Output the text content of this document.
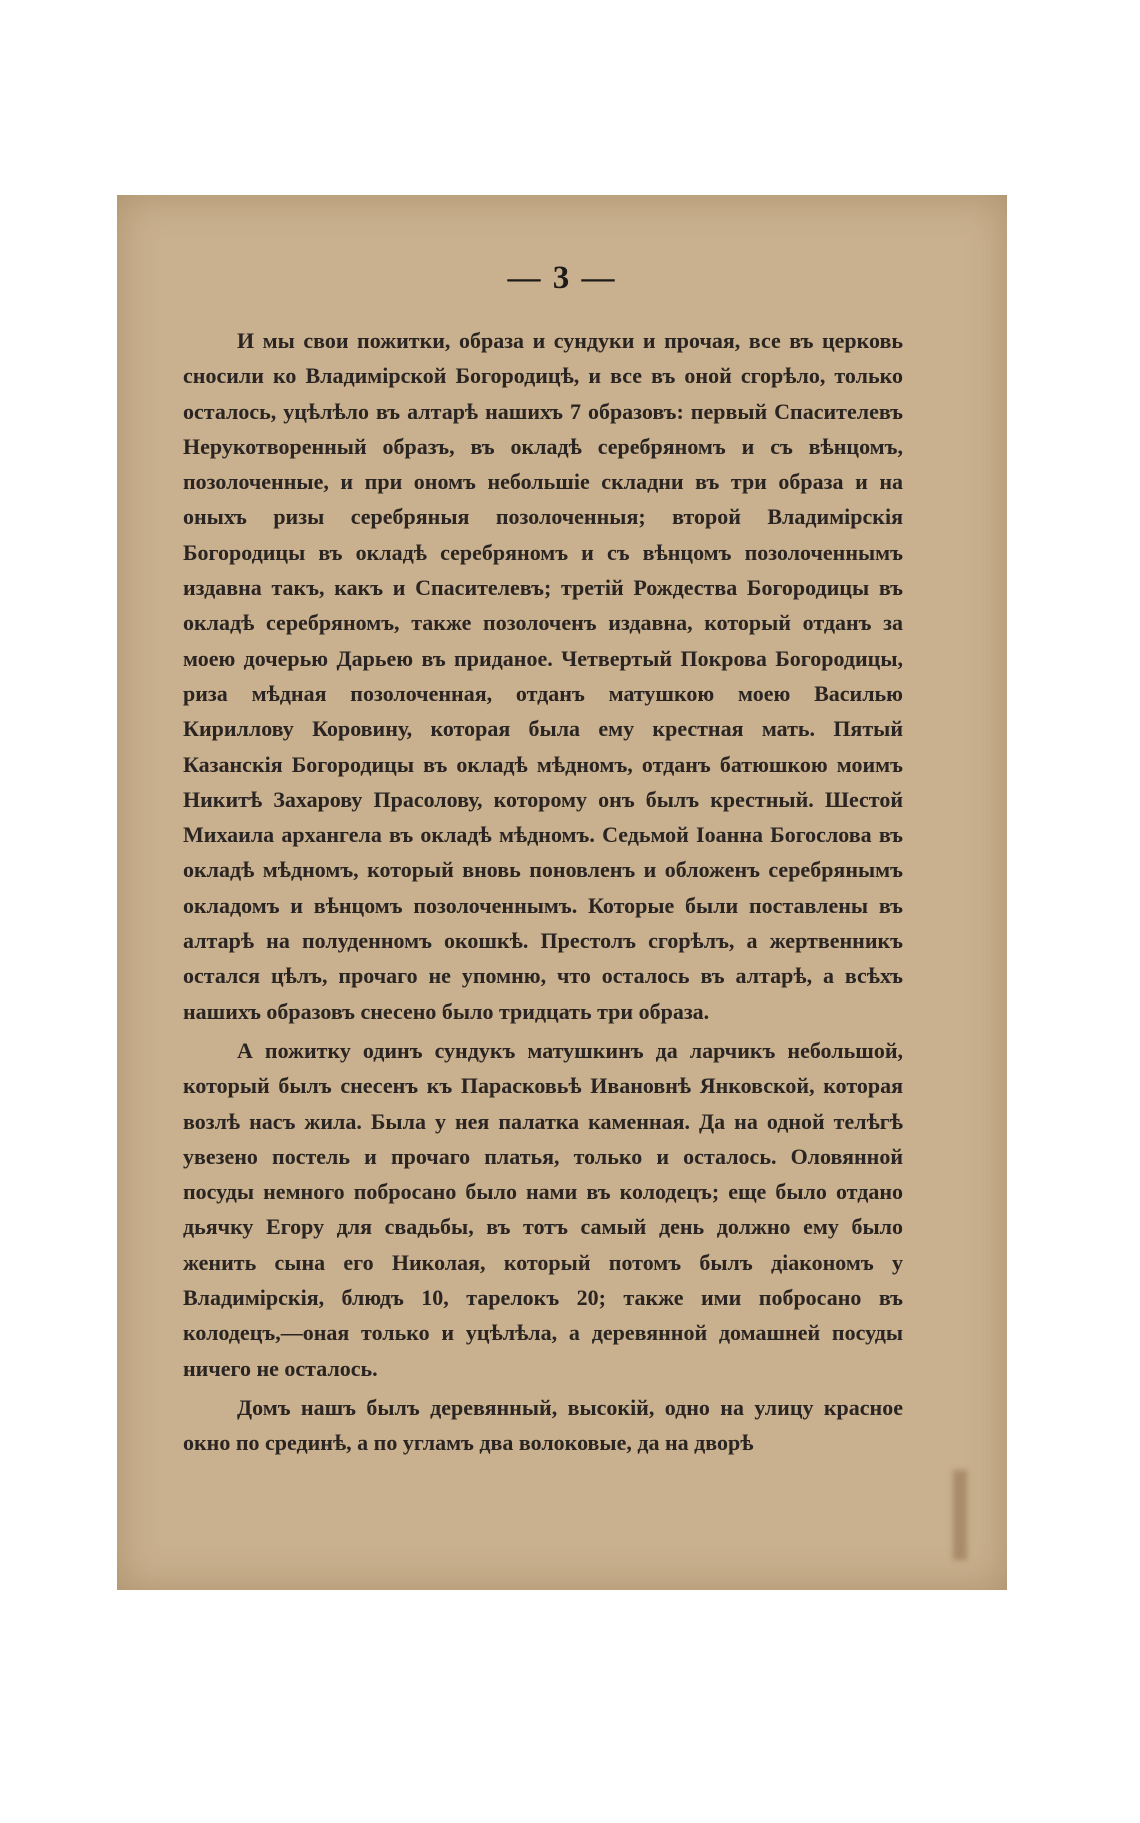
— 3 —

И мы свои пожитки, образа и сундуки и прочая, все въ церковь сносили ко Владимірской Богородицѣ, и все въ оной сгорѣло, только осталось, уцѣлѣло въ алтарѣ нашихъ 7 образовъ: первый Спасителевъ Нерукотворенный образъ, въ окладѣ серебряномъ и съ вѣнцомъ, позолоченные, и при ономъ небольшіе складни въ три образа и на оныхъ ризы серебряныя позолоченныя; второй Владимірскія Богородицы въ окладѣ серебряномъ и съ вѣнцомъ позолоченнымъ издавна такъ, какъ и Спасителевъ; третій Рождества Богородицы въ окладѣ серебряномъ, также позолоченъ издавна, который отданъ за моею дочерью Дарьею въ приданое. Четвертый Покрова Богородицы, риза мѣдная позолоченная, отданъ матушкою моею Василью Кириллову Коровину, которая была ему крестная мать. Пятый Казанскія Богородицы въ окладѣ мѣдномъ, отданъ батюшкою моимъ Никитѣ Захарову Прасолову, которому онъ былъ крестный. Шестой Михаила архангела въ окладѣ мѣдномъ. Седьмой Іоанна Богослова въ окладѣ мѣдномъ, который вновь поновленъ и обложенъ серебрянымъ окладомъ и вѣнцомъ позолоченнымъ. Которые были поставлены въ алтарѣ на полуденномъ окошкѣ. Престолъ сгорѣлъ, а жертвенникъ остался цѣлъ, прочаго не упомню, что осталось въ алтарѣ, а всѣхъ нашихъ образовъ снесено было тридцать три образа.

А пожитку одинъ сундукъ матушкинъ да ларчикъ небольшой, который былъ снесенъ къ Парасковьѣ Ивановнѣ Янковской, которая возлѣ насъ жила. Была у нея палатка каменная. Да на одной телѣгѣ увезено постель и прочаго платья, только и осталось. Оловянной посуды немного побросано было нами въ колодецъ; еще было отдано дьячку Егору для свадьбы, въ тотъ самый день должно ему было женить сына его Николая, который потомъ былъ діакономъ у Владимірскія, блюдъ 10, тарелокъ 20; также ими побросано въ колодецъ,—оная только и уцѣлѣла, а деревянной домашней посуды ничего не осталось.

Домъ нашъ былъ деревянный, высокій, одно на улицу красное окно по срединѣ, а по угламъ два волоковые, да на дворѣ
